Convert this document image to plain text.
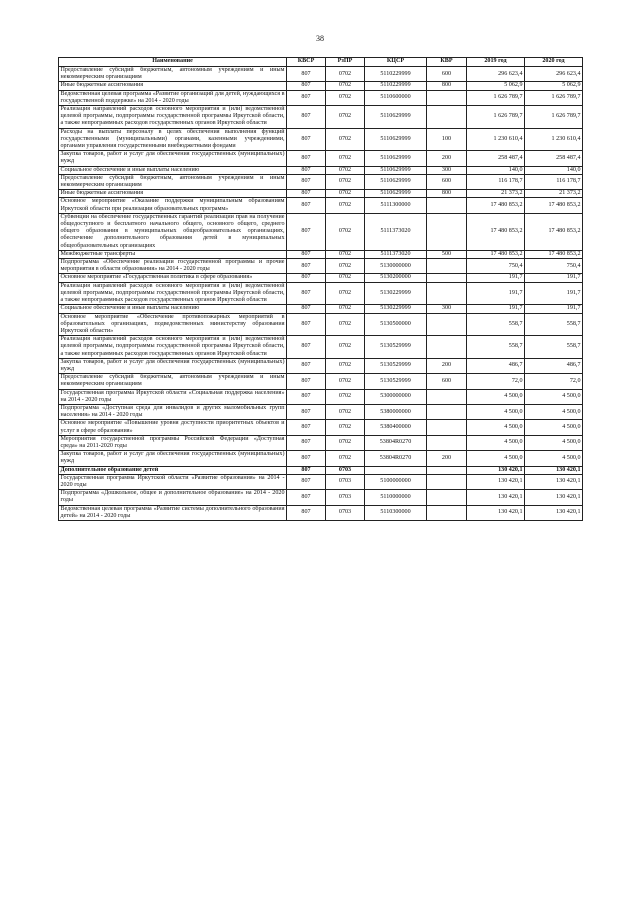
38
Наименование	КВСР	РзПР	КЦСР	КВР	2019 год	2020 год
Предоставление субсидий бюджетным, автономным учреждениям и иным некоммерческим организациям	807	0702	5110229999	600	296 623,4	296 623,4
Иные бюджетные ассигнования	807	0702	5110229999	800	5 062,9	5 062,9
Ведомственная целевая программа «Развитие организаций для детей, нуждающихся в государственной поддержке» на 2014 - 2020 годы	807	0702	5110600000		1 626 789,7	1 626 789,7
Реализация направлений расходов основного мероприятия и (или) ведомственной целевой программы, подпрограммы государственной программы Иркутской области, а также непрограммных расходов государственных органов Иркутской области	807	0702	5110629999		1 626 789,7	1 626 789,7
Расходы на выплаты персоналу в целях обеспечения выполнения функций государственными (муниципальными) органами, казенными учреждениями, органами управления государственными внебюджетными фондами	807	0702	5110629999	100	1 230 610,4	1 230 610,4
Закупка товаров, работ и услуг для обеспечения государственных (муниципальных) нужд	807	0702	5110629999	200	258 487,4	258 487,4
Социальное обеспечение и иные выплаты населению	807	0702	5110629999	300	140,0	140,0
Предоставление субсидий бюджетным, автономным учреждениям и иным некоммерческим организациям	807	0702	5110629999	600	116 178,7	116 178,7
Иные бюджетные ассигнования	807	0702	5110629999	800	21 373,2	21 373,2
Основное мероприятие «Оказание поддержки муниципальным образованиям Иркутской области при реализации образовательных программ»	807	0702	5111300000		17 480 853,2	17 480 853,2
Субвенции на обеспечение государственных гарантий реализации прав на получение общедоступного и бесплатного начального общего, основного общего, среднего общего образования в муниципальных общеобразовательных организациях, обеспечение дополнительного образования детей в муниципальных общеобразовательных организациях	807	0702	5111373020		17 480 853,2	17 480 853,2
Межбюджетные трансферты	807	0702	5111373020	500	17 480 853,2	17 480 853,2
Подпрограмма «Обеспечение реализации государственной программы и прочие мероприятия в области образования» на 2014 - 2020 годы	807	0702	5130000000		750,4	750,4
Основное мероприятие «Государственная политика в сфере образования»	807	0702	5130200000		191,7	191,7
Реализация направлений расходов основного мероприятия и (или) ведомственной целевой программы, подпрограммы государственной программы Иркутской области, а также непрограммных расходов государственных органов Иркутской области	807	0702	5130229999		191,7	191,7
Социальное обеспечение и иные выплаты населению	807	0702	5130229999	300	191,7	191,7
Основное мероприятие «Обеспечение противопожарных мероприятий в образовательных организациях, подведомственных министерству образования Иркутской области»	807	0702	5130500000		558,7	558,7
Реализация направлений расходов основного мероприятия и (или) ведомственной целевой программы, подпрограммы государственной программы Иркутской области, а также непрограммных расходов государственных органов Иркутской области	807	0702	5130529999		558,7	558,7
Закупка товаров, работ и услуг для обеспечения государственных (муниципальных) нужд	807	0702	5130529999	200	486,7	486,7
Предоставление субсидий бюджетным, автономным учреждениям и иным некоммерческим организациям	807	0702	5130529999	600	72,0	72,0
Государственная программа Иркутской области «Социальная поддержка населения» на 2014 - 2020 годы	807	0702	5300000000		4 500,0	4 500,0
Подпрограмма «Доступная среда для инвалидов и других маломобильных групп населения» на 2014 - 2020 годы	807	0702	5380000000		4 500,0	4 500,0
Основное мероприятие «Повышение уровня доступности приоритетных объектов и услуг в сфере образования»	807	0702	5380400000		4 500,0	4 500,0
Мероприятия государственной программы Российской Федерации «Доступная среда» на 2011-2020 годы	807	0702	53804R0270		4 500,0	4 500,0
Закупка товаров, работ и услуг для обеспечения государственных (муниципальных) нужд	807	0702	53804R0270	200	4 500,0	4 500,0
Дополнительное образование детей	807	0703			130 420,1	130 420,1
Государственная программа Иркутской области «Развитие образования» на 2014 - 2020 годы	807	0703	5100000000		130 420,1	130 420,1
Подпрограмма «Дошкольное, общее и дополнительное образование» на 2014 - 2020 годы	807	0703	5110000000		130 420,1	130 420,1
Ведомственная целевая программа «Развитие системы дополнительного образования детей» на 2014 - 2020 годы	807	0703	5110300000		130 420,1	130 420,1
